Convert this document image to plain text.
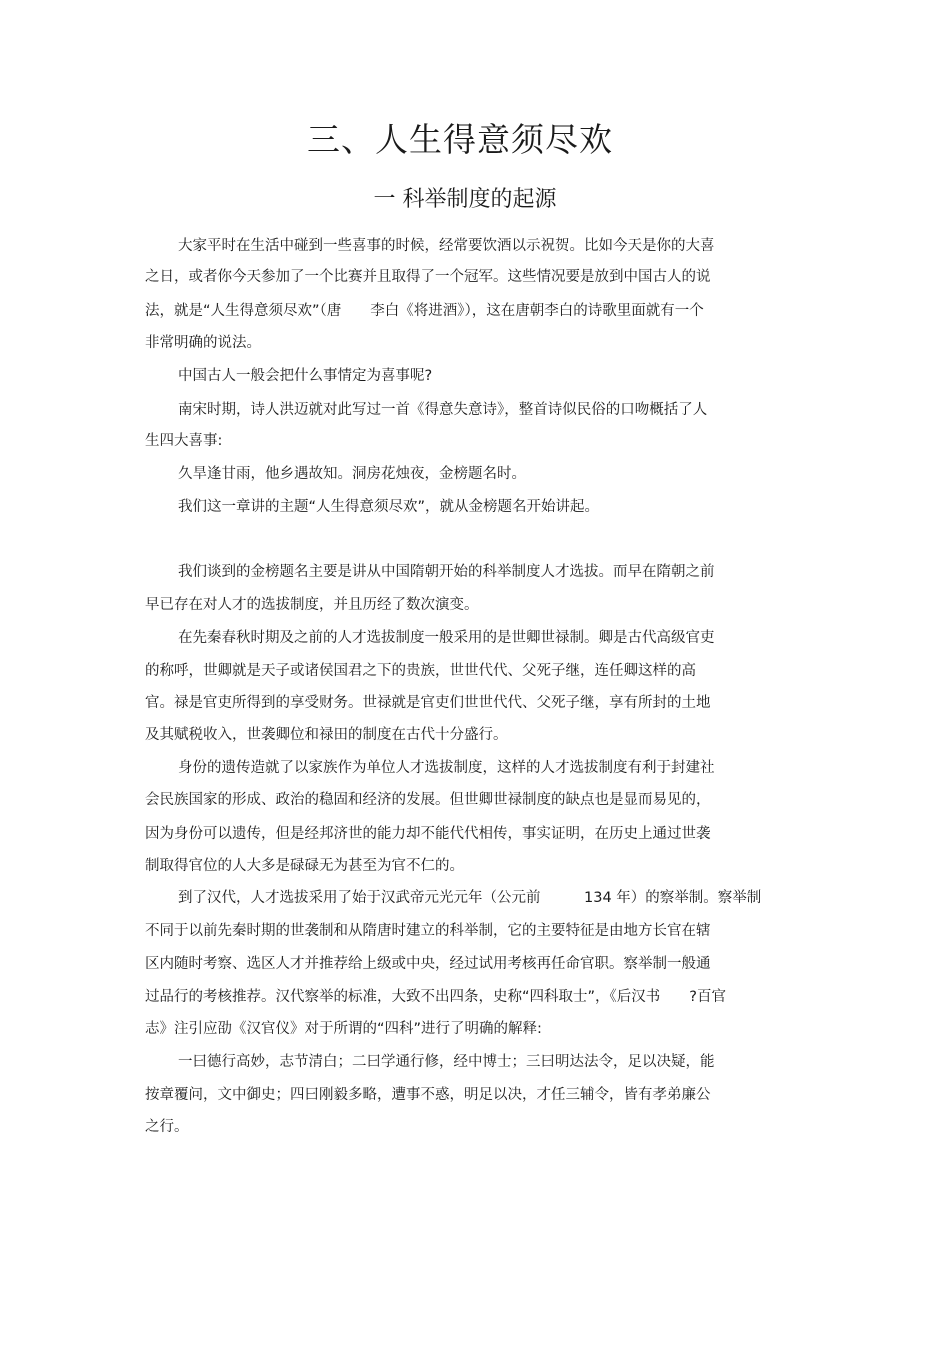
三、人生得意须尽欢
一 科举制度的起源
大家平时在生活中碰到一些喜事的时候，经常要饮酒以示祝贺。比如今天是你的大喜
之日，或者你今天参加了一个比赛并且取得了一个冠军。这些情况要是放到中国古人的说
法，就是“人生得意须尽欢”（唐　　李白《将进酒》），这在唐朝李白的诗歌里面就有一个
非常明确的说法。
中国古人一般会把什么事情定为喜事呢?
南宋时期，诗人洪迈就对此写过一首《得意失意诗》，整首诗似民俗的口吻概括了人
生四大喜事:
久旱逢甘雨，他乡遇故知。洞房花烛夜，金榜题名时。
我们这一章讲的主题“人生得意须尽欢”，就从金榜题名开始讲起。
我们谈到的金榜题名主要是讲从中国隋朝开始的科举制度人才选拔。而早在隋朝之前
早已存在对人才的选拔制度，并且历经了数次演变。
在先秦春秋时期及之前的人才选拔制度一般采用的是世卿世禄制。卿是古代高级官吏
的称呼，世卿就是天子或诸侯国君之下的贵族，世世代代、父死子继，连任卿这样的高
官。禄是官吏所得到的享受财务。世禄就是官吏们世世代代、父死子继，享有所封的土地
及其赋税收入，世袭卿位和禄田的制度在古代十分盛行。
身份的遗传造就了以家族作为单位人才选拔制度，这样的人才选拔制度有利于封建社
会民族国家的形成、政治的稳固和经济的发展。但世卿世禄制度的缺点也是显而易见的，
因为身份可以遗传，但是经邦济世的能力却不能代代相传，事实证明，在历史上通过世袭
制取得官位的人大多是碌碌无为甚至为官不仁的。
到了汉代，人才选拔采用了始于汉武帝元光元年（公元前　　　134 年）的察举制。察举制
不同于以前先秦时期的世袭制和从隋唐时建立的科举制，它的主要特征是由地方长官在辖
区内随时考察、选区人才并推荐给上级或中央，经过试用考核再任命官职。察举制一般通
过品行的考核推荐。汉代察举的标准，大致不出四条，史称“四科取士”，《后汉书　　?百官
志》注引应劭《汉官仪》对于所谓的“四科”进行了明确的解释:
一曰德行高妙，志节清白；二曰学通行修，经中博士；三曰明达法令，足以决疑，能
按章覆问，文中御史；四曰刚毅多略，遭事不惑，明足以决，才任三辅令，皆有孝弟廉公
之行。
